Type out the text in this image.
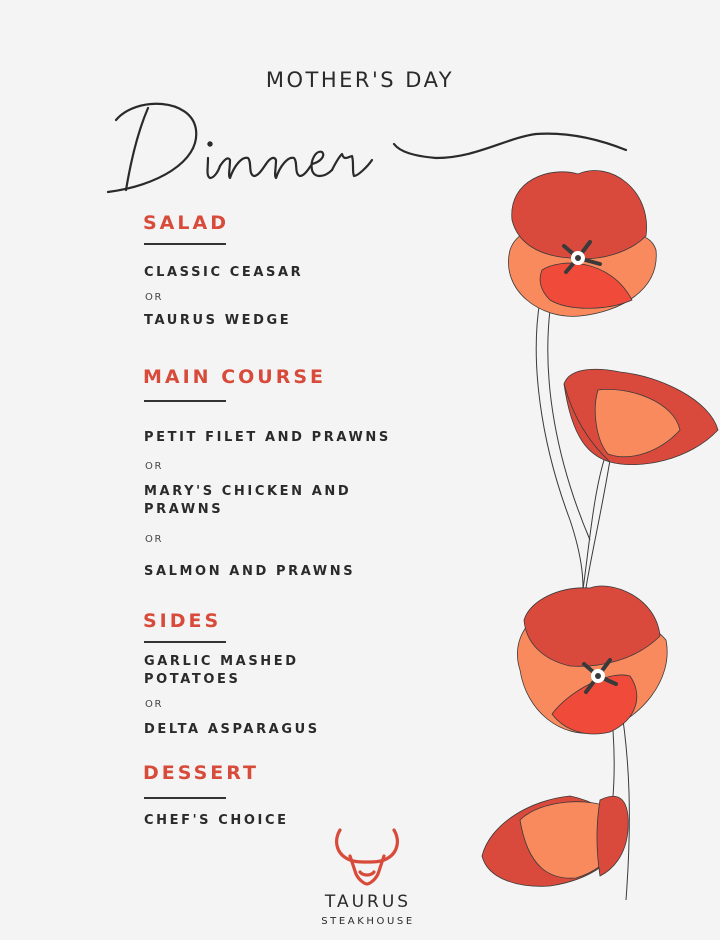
MOTHER'S DAY
SALAD
CLASSIC CEASAR
OR
TAURUS WEDGE
MAIN COURSE
PETIT FILET AND PRAWNS
OR
MARY'S CHICKEN AND PRAWNS
OR
SALMON AND PRAWNS
SIDES
GARLIC MASHED POTATOES
OR
DELTA ASPARAGUS
DESSERT
CHEF'S CHOICE
TAURUS
STEAKHOUSE
